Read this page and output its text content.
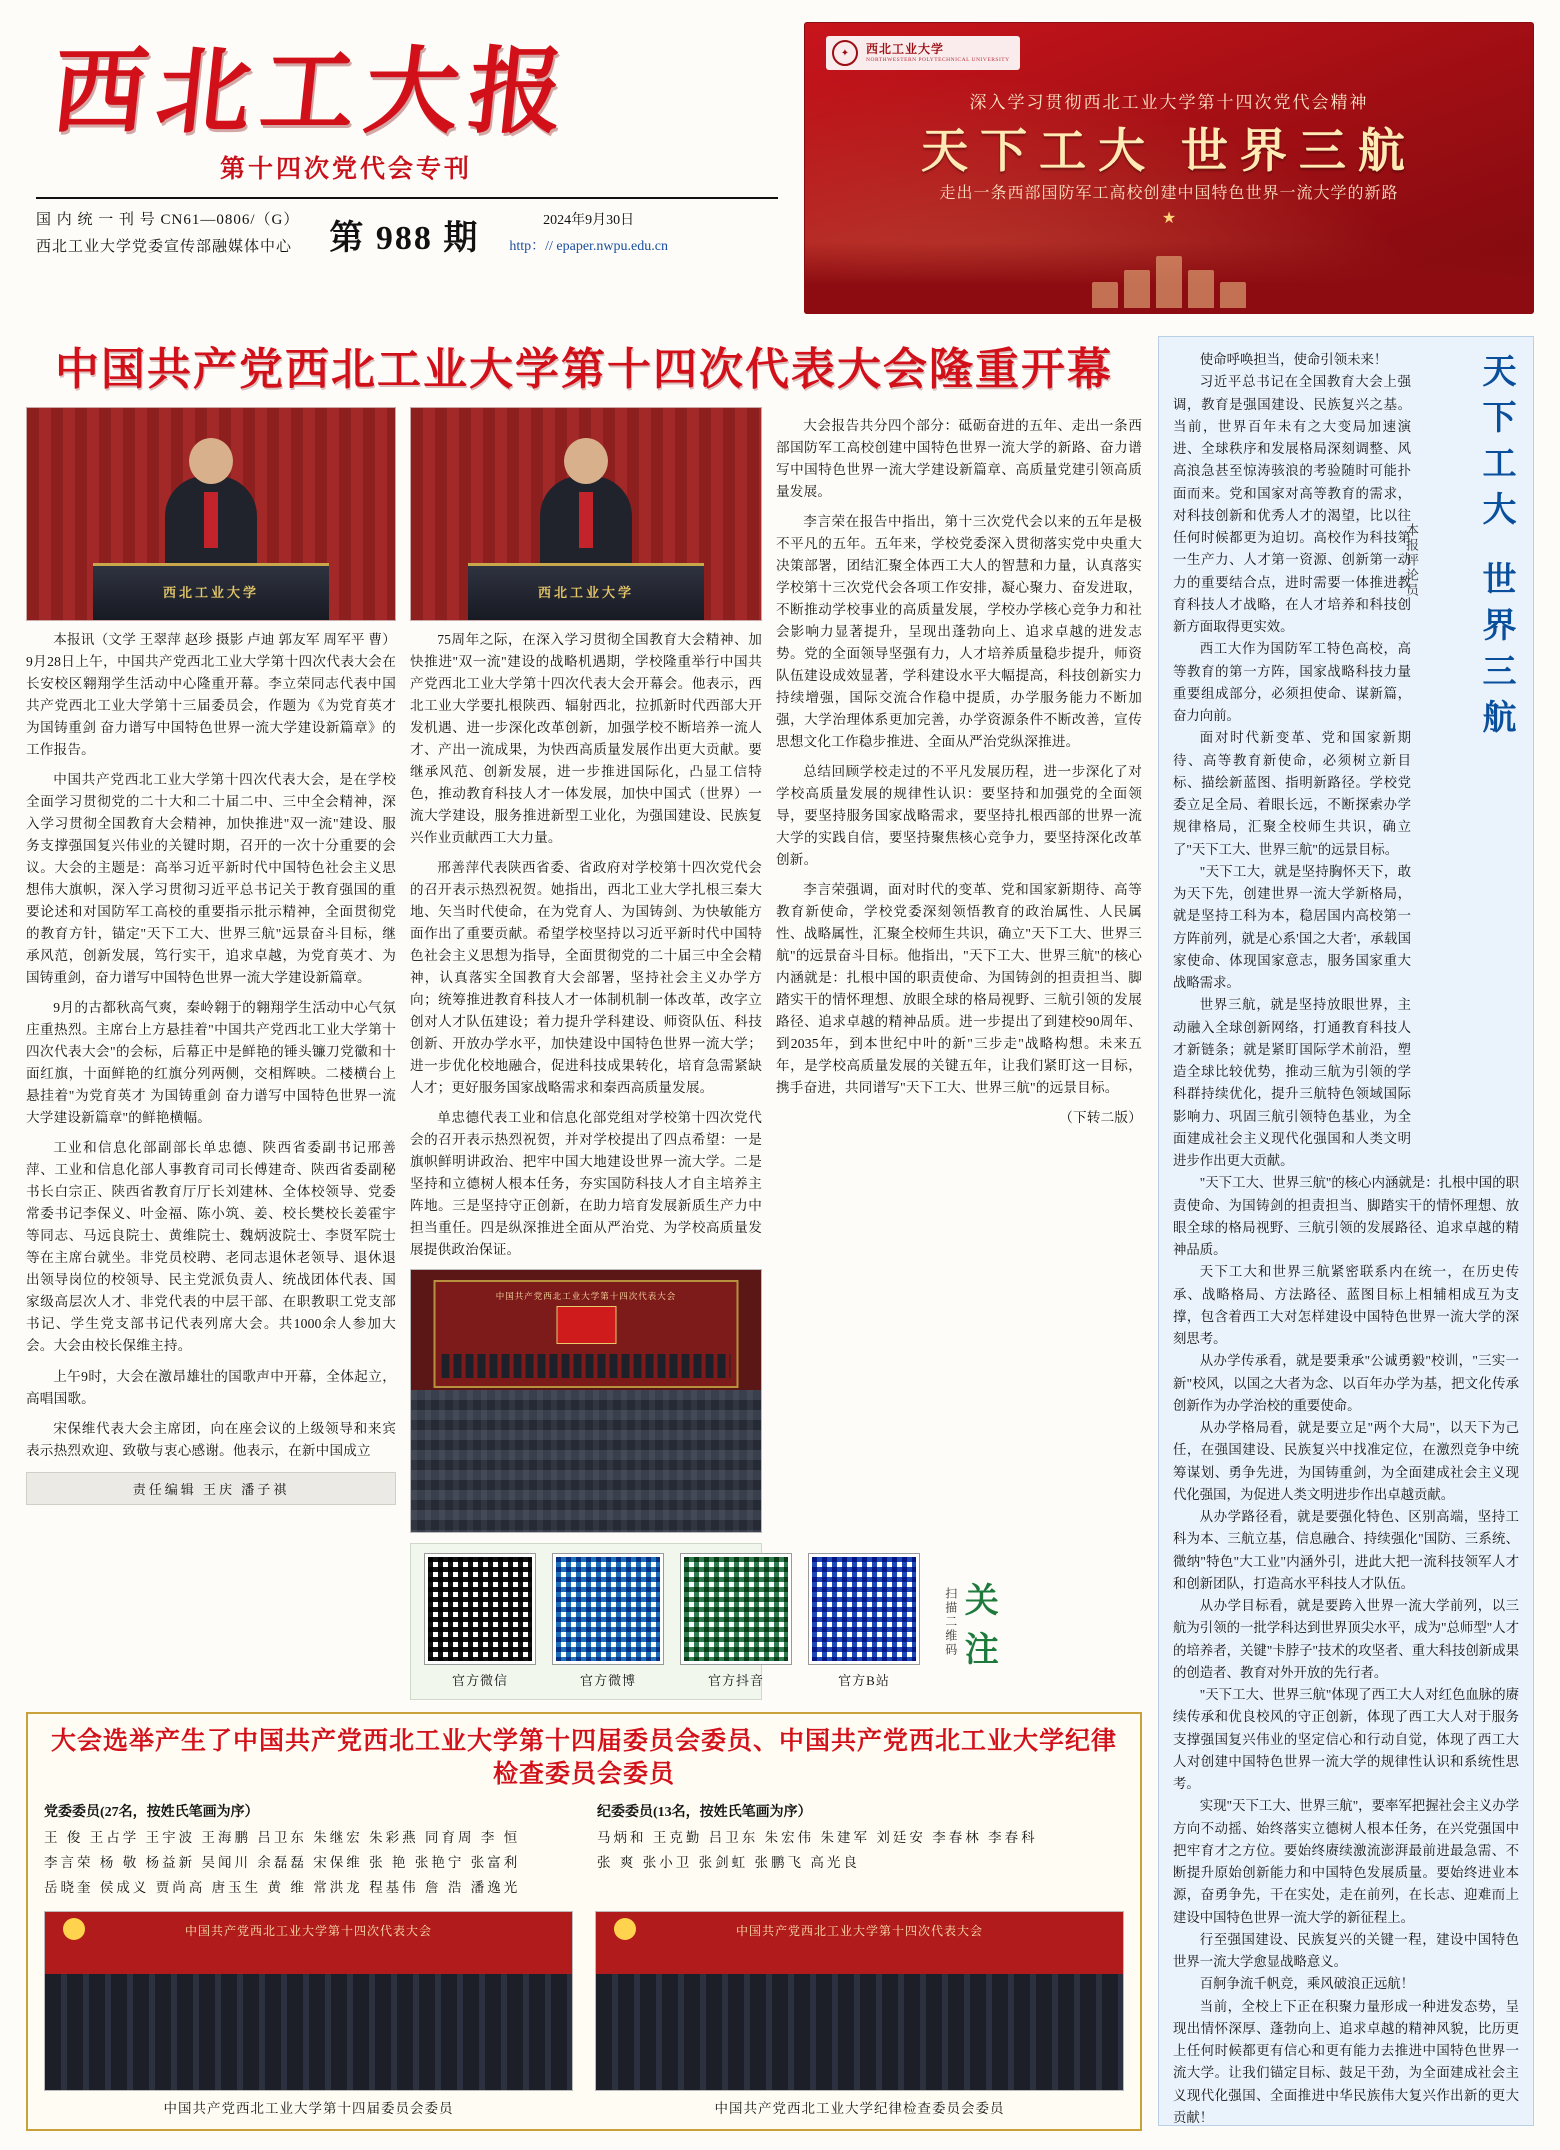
西北工大报
第十四次党代会专刊
国 内 统 一 刊 号 CN61—0806/（G）
西北工业大学党委宣传部融媒体中心	第 988 期	2024年9月30日
http：// epaper.nwpu.edu.cn
✦	西北工业大学
NORTHWESTERN POLYTECHNICAL UNIVERSITY
深入学习贯彻西北工业大学第十四次党代会精神
天下工大 世界三航
走出一条西部国防军工高校创建中国特色世界一流大学的新路
★
中国共产党西北工业大学第十四次代表大会隆重开幕
西北工业大学

本报讯（文学 王翠萍 赵珍 摄影 卢迪 郭友军 周军平 曹）9月28日上午，中国共产党西北工业大学第十四次代表大会在长安校区翱翔学生活动中心隆重开幕。李立荣同志代表中国共产党西北工业大学第十三届委员会，作题为《为党育英才 为国铸重剑 奋力谱写中国特色世界一流大学建设新篇章》的工作报告。

中国共产党西北工业大学第十四次代表大会，是在学校全面学习贯彻党的二十大和二十届二中、三中全会精神，深入学习贯彻全国教育大会精神，加快推进"双一流"建设、服务支撑强国复兴伟业的关键时期，召开的一次十分重要的会议。大会的主题是：高举习近平新时代中国特色社会主义思想伟大旗帜，深入学习贯彻习近平总书记关于教育强国的重要论述和对国防军工高校的重要指示批示精神，全面贯彻党的教育方针，锚定"天下工大、世界三航"远景奋斗目标，继承风范，创新发展，笃行实干，追求卓越，为党育英才、为国铸重剑，奋力谱写中国特色世界一流大学建设新篇章。

9月的古都秋高气爽，秦岭翱于的翱翔学生活动中心气氛庄重热烈。主席台上方悬挂着"中国共产党西北工业大学第十四次代表大会"的会标，后幕正中是鲜艳的锤头镰刀党徽和十面红旗，十面鲜艳的红旗分列两侧，交相辉映。二楼横台上悬挂着"为党育英才 为国铸重剑 奋力谱写中国特色世界一流大学建设新篇章"的鲜艳横幅。

工业和信息化部副部长单忠德、陕西省委副书记邢善萍、工业和信息化部人事教育司司长傅建奇、陕西省委副秘书长白宗正、陕西省教育厅厅长刘建林、全体校领导、党委常委书记李保义、叶金福、陈小筑、姜、校长樊校长姜霍宇等同志、马远良院士、黄维院士、魏炳波院士、李贤军院士等在主席台就坐。非党员校聘、老同志退休老领导、退休退出领导岗位的校领导、民主党派负责人、统战团体代表、国家级高层次人才、非党代表的中层干部、在职教职工党支部书记、学生党支部书记代表列席大会。共1000余人参加大会。大会由校长保维主持。

上午9时，大会在激昂雄壮的国歌声中开幕，全体起立，高唱国歌。

宋保维代表大会主席团，向在座会议的上级领导和来宾表示热烈欢迎、致敬与衷心感谢。他表示，在新中国成立

责任编辑 王庆 潘子祺
西北工业大学

75周年之际，在深入学习贯彻全国教育大会精神、加快推进"双一流"建设的战略机遇期，学校隆重举行中国共产党西北工业大学第十四次代表大会开幕会。他表示，西北工业大学要扎根陕西、辐射西北，拉抓新时代西部大开发机遇、进一步深化改革创新，加强学校不断培养一流人才、产出一流成果，为快西高质量发展作出更大贡献。要继承风范、创新发展，进一步推进国际化，凸显工信特色，推动教育科技人才一体发展，加快中国式（世界）一流大学建设，服务推进新型工业化，为强国建设、民族复兴作业贡献西工大力量。

邢善萍代表陕西省委、省政府对学校第十四次党代会的召开表示热烈祝贺。她指出，西北工业大学扎根三秦大地、矢当时代使命，在为党育人、为国铸剑、为快敏能方面作出了重要贡献。希望学校坚持以习近平新时代中国特色社会主义思想为指导，全面贯彻党的二十届三中全会精神，认真落实全国教育大会部署，坚持社会主义办学方向；统筹推进教育科技人才一体制机制一体改革，改字立创对人才队伍建设；着力提升学科建设、师资队伍、科技创新、开放办学水平，加快建设中国特色世界一流大学；进一步优化校地融合，促进科技成果转化，培育急需紧缺人才；更好服务国家战略需求和秦西高质量发展。

单忠德代表工业和信息化部党组对学校第十四次党代会的召开表示热烈祝贺，并对学校提出了四点希望：一是旗帜鲜明讲政治、把牢中国大地建设世界一流大学。二是坚持和立德树人根本任务，夯实国防科技人才自主培养主阵地。三是坚持守正创新，在助力培育发展新质生产力中担当重任。四是纵深推进全面从严治党、为学校高质量发展提供政治保证。

中国共产党西北工业大学第十四次代表大会
官方微信	官方微博	官方抖音	官方B站
扫描二维码 关注

大会报告共分四个部分：砥砺奋进的五年、走出一条西部国防军工高校创建中国特色世界一流大学的新路、奋力谱写中国特色世界一流大学建设新篇章、高质量党建引领高质量发展。

李言荣在报告中指出，第十三次党代会以来的五年是极不平凡的五年。五年来，学校党委深入贯彻落实党中央重大决策部署，团结汇聚全体西工大人的智慧和力量，认真落实学校第十三次党代会各项工作安排，凝心聚力、奋发进取，不断推动学校事业的高质量发展，学校办学核心竞争力和社会影响力显著提升，呈现出蓬勃向上、追求卓越的进发志势。党的全面领导坚强有力，人才培养质量稳步提升，师资队伍建设成效显著，学科建设水平大幅提高，科技创新实力持续增强，国际交流合作稳中提质，办学服务能力不断加强，大学治理体系更加完善，办学资源条件不断改善，宣传思想文化工作稳步推进、全面从严治党纵深推进。

总结回顾学校走过的不平凡发展历程，进一步深化了对学校高质量发展的规律性认识：要坚持和加强党的全面领导，要坚持服务国家战略需求，要坚持扎根西部的世界一流大学的实践自信，要坚持聚焦核心竞争力，要坚持深化改革创新。

李言荣强调，面对时代的变革、党和国家新期待、高等教育新使命，学校党委深刻领悟教育的政治属性、人民属性、战略属性，汇聚全校师生共识，确立"天下工大、世界三航"的远景奋斗目标。他指出，"天下工大、世界三航"的核心内涵就是：扎根中国的职责使命、为国铸剑的担责担当、脚踏实干的情怀理想、放眼全球的格局视野、三航引领的发展路径、追求卓越的精神品质。进一步提出了到建校90周年、到2035年，到本世纪中叶的新"三步走"战略构想。未来五年，是学校高质量发展的关键五年，让我们紧盯这一目标，携手奋进，共同谱写"天下工大、世界三航"的远景目标。

（下转二版）

大会选举产生了中国共产党西北工业大学第十四届委员会委员、中国共产党西北工业大学纪律检查委员会委员
党委委员(27名，按姓氏笔画为序）
王 俊 王占学 王宇波 王海鹏 吕卫东 朱继宏 朱彩燕 同育周 李 恒
李言荣 杨 敬 杨益新 吴闻川 余磊磊 宋保维 张 艳 张艳宁 张富利
岳晓奎 侯成义 贾尚高 唐玉生 黄 维 常洪龙 程基伟 詹 浩 潘逸光
纪委委员(13名，按姓氏笔画为序）
马炳和 王克勤 吕卫东 朱宏伟 朱建军 刘廷安 李春林 李春科
张 爽 张小卫 张剑虹 张鹏飞 高光良
中国共产党西北工业大学第十四次代表大会
中国共产党西北工业大学第十四届委员会委员
中国共产党西北工业大学第十四次代表大会
中国共产党西北工业大学纪律检查委员会委员
天下工大 世界三航
本报评论员

使命呼唤担当，使命引领未来！

习近平总书记在全国教育大会上强调，教育是强国建设、民族复兴之基。当前，世界百年未有之大变局加速演进、全球秩序和发展格局深刻调整、风高浪急甚至惊涛骇浪的考验随时可能扑面而来。党和国家对高等教育的需求，对科技创新和优秀人才的渴望，比以往任何时候都更为迫切。高校作为科技第一生产力、人才第一资源、创新第一动力的重要结合点，进时需要一体推进教育科技人才战略，在人才培养和科技创新方面取得更实效。

西工大作为国防军工特色高校，高等教育的第一方阵，国家战略科技力量重要组成部分，必须担使命、谋新篇，奋力向前。

面对时代新变革、党和国家新期待、高等教育新使命，必须树立新目标、描绘新蓝图、指明新路径。学校党委立足全局、着眼长远，不断探索办学规律格局，汇聚全校师生共识，确立了"天下工大、世界三航"的远景目标。

"天下工大，就是坚持胸怀天下，敢为天下先，创建世界一流大学新格局，就是坚持工科为本，稳居国内高校第一方阵前列，就是心系'国之大者'，承载国家使命、体现国家意志，服务国家重大战略需求。

世界三航，就是坚持放眼世界，主动融入全球创新网络，打通教育科技人才新链条；就是紧盯国际学术前沿，塑造全球比较优势，推动三航为引领的学科群持续优化，提升三航特色领域国际影响力、巩固三航引领特色基业，为全面建成社会主义现代化强国和人类文明进步作出更大贡献。

"天下工大、世界三航"的核心内涵就是：扎根中国的职责使命、为国铸剑的担责担当、脚踏实干的情怀理想、放眼全球的格局视野、三航引领的发展路径、追求卓越的精神品质。

天下工大和世界三航紧密联系内在统一，在历史传承、战略格局、方法路径、蓝图目标上相辅相成互为支撑，包含着西工大对怎样建设中国特色世界一流大学的深刻思考。

从办学传承看，就是要秉承"公诚勇毅"校训，"三实一新"校风，以国之大者为念、以百年办学为基，把文化传承创新作为办学治校的重要使命。

从办学格局看，就是要立足"两个大局"，以天下为己任，在强国建设、民族复兴中找准定位，在激烈竞争中统筹谋划、勇争先进，为国铸重剑，为全面建成社会主义现代化强国，为促进人类文明进步作出卓越贡献。

从办学路径看，就是要强化特色、区别高端，坚持工科为本、三航立基，信息融合、持续强化"国防、三系统、微纳"特色"大工业"内涵外引，进此大把一流科技领军人才和创新团队，打造高水平科技人才队伍。

从办学目标看，就是要跨入世界一流大学前列，以三航为引领的一批学科达到世界顶尖水平，成为"总师型"人才的培养者，关键"卡脖子"技术的攻坚者、重大科技创新成果的创造者、教育对外开放的先行者。

"天下工大、世界三航"体现了西工大人对红色血脉的赓续传承和优良校风的守正创新，体现了西工大人对于服务支撑强国复兴伟业的坚定信心和行动自觉，体现了西工大人对创建中国特色世界一流大学的规律性认识和系统性思考。

实现"天下工大、世界三航"，要率军把握社会主义办学方向不动摇、始终落实立德树人根本任务，在兴党强国中把牢育才之方位。要始终赓续激流澎湃最前进最急需、不断提升原始创新能力和中国特色发展质量。要始终进业本源，奋勇争先，干在实处，走在前列，在长志、迎难而上建设中国特色世界一流大学的新征程上。

行至强国建设、民族复兴的关键一程，建设中国特色世界一流大学愈显战略意义。

百舸争流千帆竞，乘风破浪正远航！

当前，全校上下正在积聚力量形成一种进发态势，呈现出情怀深厚、蓬勃向上、追求卓越的精神风貌，比历更上任何时候都更有信心和更有能力去推进中国特色世界一流大学。让我们锚定目标、鼓足干劲，为全面建成社会主义现代化强国、全面推进中华民族伟大复兴作出新的更大贡献！
